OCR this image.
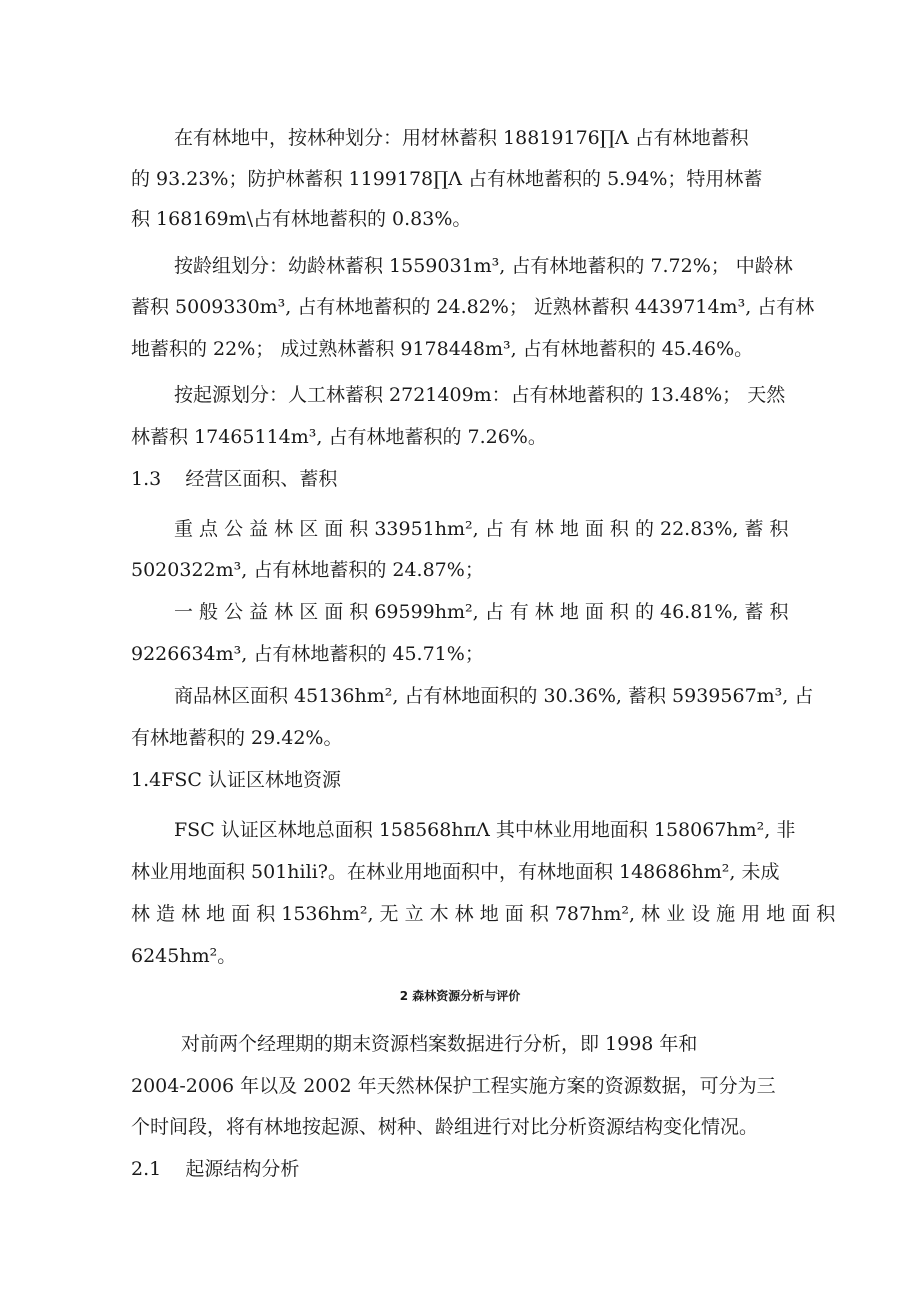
在有林地中，按林种划分：用材林蓄积 18819176∏Λ 占有林地蓄积
的 93.23%；防护林蓄积 1199178∏Λ 占有林地蓄积的 5.94%；特用林蓄
积 168169m\占有林地蓄积的 0.83%。
按龄组划分：幼龄林蓄积 1559031m³, 占有林地蓄积的 7.72%； 中龄林
蓄积 5009330m³, 占有林地蓄积的 24.82%； 近熟林蓄积 4439714m³, 占有林
地蓄积的 22%； 成过熟林蓄积 9178448m³, 占有林地蓄积的 45.46%。
按起源划分：人工林蓄积 2721409m：占有林地蓄积的 13.48%； 天然
林蓄积 17465114m³, 占有林地蓄积的 7.26%。
1.3    经营区面积、蓄积
重 点 公 益 林 区 面 积 33951hm², 占 有 林 地 面 积 的 22.83%, 蓄 积
5020322m³, 占有林地蓄积的 24.87%；
一 般 公 益 林 区 面 积 69599hm², 占 有 林 地 面 积 的 46.81%, 蓄 积
9226634m³, 占有林地蓄积的 45.71%；
商品林区面积 45136hm², 占有林地面积的 30.36%, 蓄积 5939567m³, 占
有林地蓄积的 29.42%。
1.4FSC 认证区林地资源
FSC 认证区林地总面积 158568hπΛ 其中林业用地面积 158067hm², 非
林业用地面积 501hili?。在林业用地面积中，有林地面积 148686hm², 未成
林 造 林 地 面 积 1536hm², 无 立 木 林 地 面 积 787hm², 林 业 设 施 用 地 面 积
6245hm²。
2 森林资源分析与评价
对前两个经理期的期末资源档案数据进行分析，即 1998 年和
2004-2006 年以及 2002 年天然林保护工程实施方案的资源数据，可分为三
个时间段，将有林地按起源、树种、龄组进行对比分析资源结构变化情况。
2.1    起源结构分析
